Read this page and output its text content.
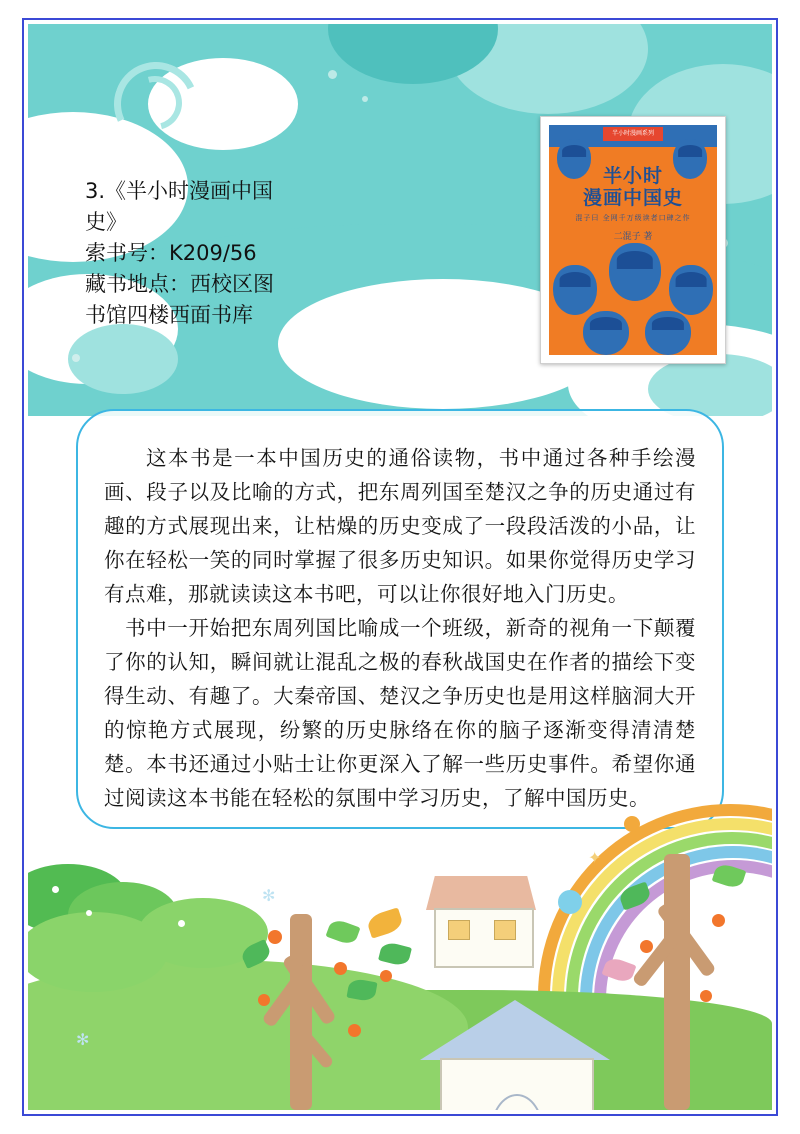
半小时漫画系列
半小时
漫画中国史
混子曰 全网千万级读者口碑之作
二混子 著
3.《半小时漫画中国
史》
索书号：K209/56
藏书地点：西校区图
书馆四楼西面书库

这本书是一本中国历史的通俗读物，书中通过各种手绘漫画、段子以及比喻的方式，把东周列国至楚汉之争的历史通过有趣的方式展现出来，让枯燥的历史变成了一段段活泼的小品，让你在轻松一笑的同时掌握了很多历史知识。如果你觉得历史学习有点难，那就读读这本书吧，可以让你很好地入门历史。

书中一开始把东周列国比喻成一个班级，新奇的视角一下颠覆了你的认知，瞬间就让混乱之极的春秋战国史在作者的描绘下变得生动、有趣了。大秦帝国、楚汉之争历史也是用这样脑洞大开的惊艳方式展现，纷繁的历史脉络在你的脑子逐渐变得清清楚楚。本书还通过小贴士让你更深入了解一些历史事件。希望你通过阅读这本书能在轻松的氛围中学习历史，了解中国历史。

✻
✻
✦
